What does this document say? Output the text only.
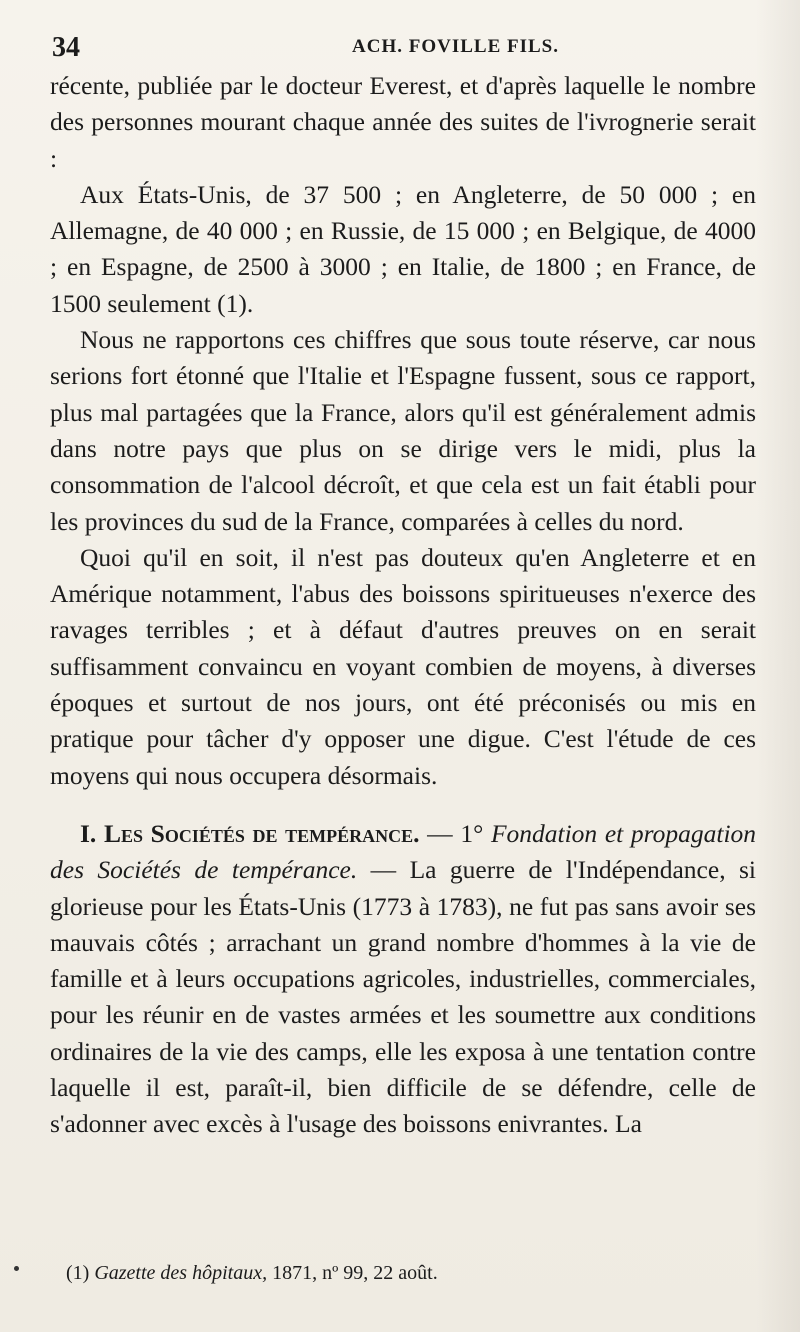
34	ACH. FOVILLE FILS.

récente, publiée par le docteur Everest, et d'après laquelle le nombre des personnes mourant chaque année des suites de l'ivrognerie serait :

Aux États-Unis, de 37 500 ; en Angleterre, de 50 000 ; en Allemagne, de 40 000 ; en Russie, de 15 000 ; en Belgique, de 4000 ; en Espagne, de 2500 à 3000 ; en Italie, de 1800 ; en France, de 1500 seulement (1).

Nous ne rapportons ces chiffres que sous toute réserve, car nous serions fort étonné que l'Italie et l'Espagne fussent, sous ce rapport, plus mal partagées que la France, alors qu'il est généralement admis dans notre pays que plus on se dirige vers le midi, plus la consommation de l'alcool décroît, et que cela est un fait établi pour les provinces du sud de la France, comparées à celles du nord.

Quoi qu'il en soit, il n'est pas douteux qu'en Angleterre et en Amérique notamment, l'abus des boissons spiritueuses n'exerce des ravages terribles ; et à défaut d'autres preuves on en serait suffisamment convaincu en voyant combien de moyens, à diverses époques et surtout de nos jours, ont été préconisés ou mis en pratique pour tâcher d'y opposer une digue. C'est l'étude de ces moyens qui nous occupera désormais.

I. Les Sociétés de tempérance. — 1° Fondation et propagation des Sociétés de tempérance. — La guerre de l'Indépendance, si glorieuse pour les États-Unis (1773 à 1783), ne fut pas sans avoir ses mauvais côtés ; arrachant un grand nombre d'hommes à la vie de famille et à leurs occupations agricoles, industrielles, commerciales, pour les réunir en de vastes armées et les soumettre aux conditions ordinaires de la vie des camps, elle les exposa à une tentation contre laquelle il est, paraît-il, bien difficile de se défendre, celle de s'adonner avec excès à l'usage des boissons enivrantes. La

(1) Gazette des hôpitaux, 1871, nº 99, 22 août.
